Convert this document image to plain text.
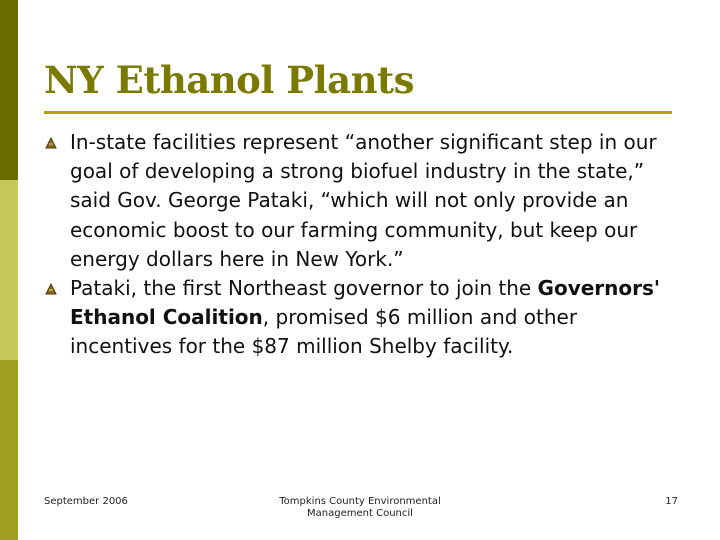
NY Ethanol Plants
In-state facilities represent “another significant step in our goal of developing a strong biofuel industry in the state,” said Gov. George Pataki, “which will not only provide an economic boost to our farming community, but keep our energy dollars here in New York.”
Pataki, the first Northeast governor to join the Governors' Ethanol Coalition, promised $6 million and other incentives for the $87 million Shelby facility.
September 2006	Tompkins County Environmental Management Council
17
